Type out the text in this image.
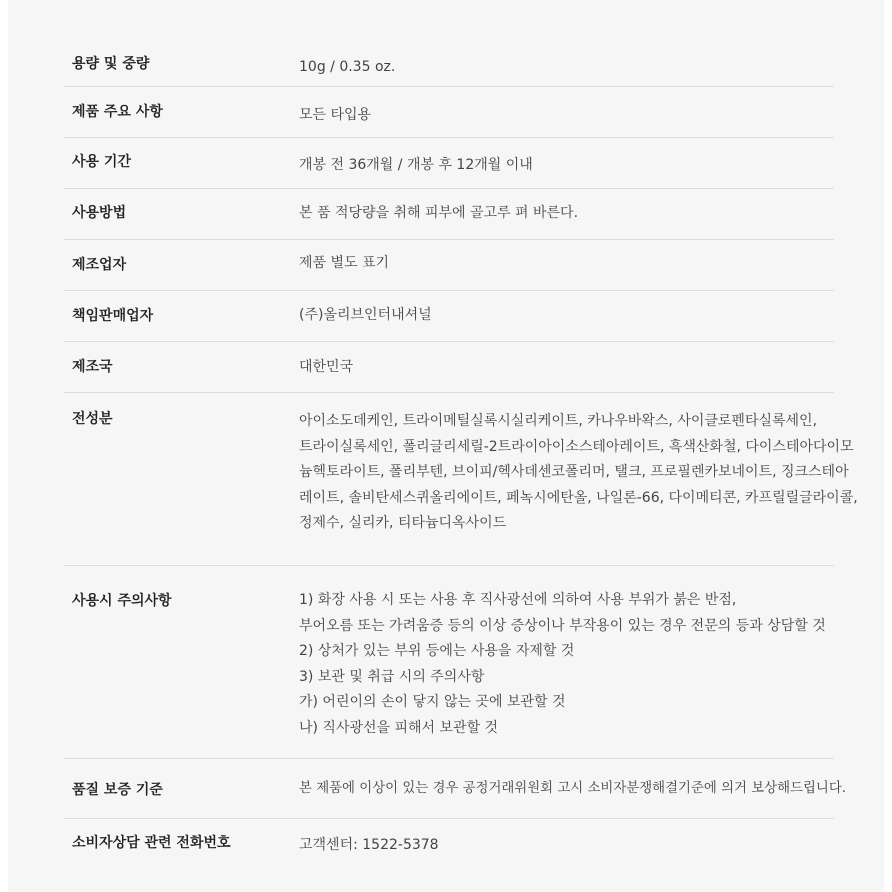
용량 및 중량	10g / 0.35 oz.
제품 주요 사항	모든 타입용
사용 기간	개봉 전 36개월 / 개봉 후 12개월 이내
사용방법	본 품 적당량을 취해 피부에 골고루 펴 바른다.
제조업자	제품 별도 표기
책임판매업자	(주)올리브인터내셔널
제조국	대한민국
전성분	아이소도데케인, 트라이메틸실록시실리케이트, 카나우바왁스, 사이클로펜타실록세인,
트라이실록세인, 폴리글리세릴-2트라이아이소스테아레이트, 흑색산화철, 다이스테아다이모
늄헥토라이트, 폴리부텐, 브이피/헥사데센코폴리머, 탤크, 프로필렌카보네이트, 징크스테아
레이트, 솔비탄세스퀴올리에이트, 페녹시에탄올, 나일론-66, 다이메티콘, 카프릴릴글라이콜,
정제수, 실리카, 티타늄디옥사이드
사용시 주의사항	1) 화장 사용 시 또는 사용 후 직사광선에 의하여 사용 부위가 붉은 반점,
부어오름 또는 가려움증 등의 이상 증상이나 부작용이 있는 경우 전문의 등과 상담할 것
2) 상처가 있는 부위 등에는 사용을 자제할 것
3) 보관 및 취급 시의 주의사항
가) 어린이의 손이 닿지 않는 곳에 보관할 것
나) 직사광선을 피해서 보관할 것
품질 보증 기준	본 제품에 이상이 있는 경우 공정거래위원회 고시 소비자분쟁해결기준에 의거 보상해드립니다.
소비자상담 관련 전화번호	고객센터: 1522-5378
